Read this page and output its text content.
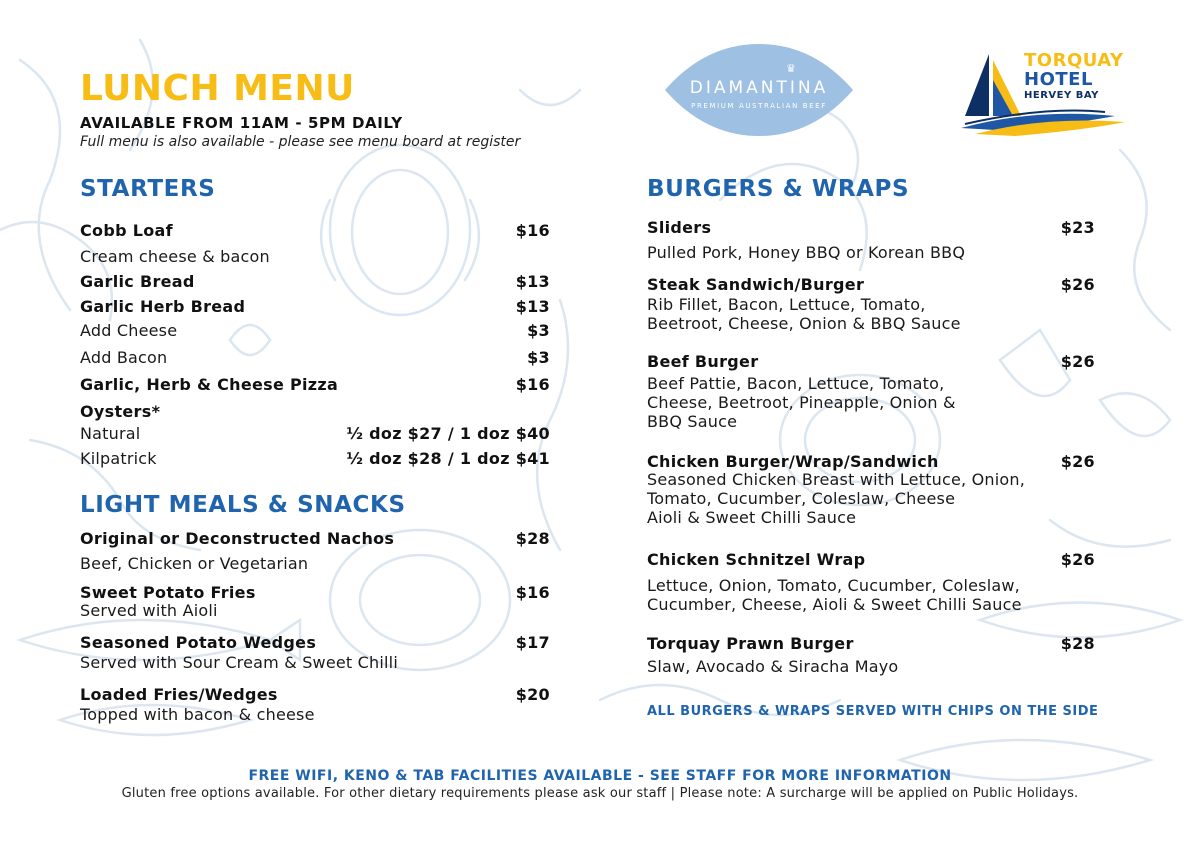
LUNCH MENU
AVAILABLE FROM 11AM - 5PM DAILY
Full menu is also available - please see menu board at register
♛
DIAMANTINA
PREMIUM AUSTRALIAN BEEF
TORQUAY
HOTEL
HERVEY BAY
STARTERS
Cobb Loaf	$16
Cream cheese & bacon
Garlic Bread	$13
Garlic Herb Bread	$13
Add Cheese	$3
Add Bacon	$3
Garlic, Herb & Cheese Pizza	$16
Oysters*
Natural	½ doz $27 / 1 doz $40
Kilpatrick	½ doz $28 / 1 doz $41
LIGHT MEALS & SNACKS
Original or Deconstructed Nachos	$28
Beef, Chicken or Vegetarian
Sweet Potato Fries	$16
Served with Aioli
Seasoned Potato Wedges	$17
Served with Sour Cream & Sweet Chilli
Loaded Fries/Wedges	$20
Topped with bacon & cheese
BURGERS & WRAPS
Sliders	$23
Pulled Pork, Honey BBQ or Korean BBQ
Steak Sandwich/Burger	$26
Rib Fillet, Bacon, Lettuce, Tomato,
Beetroot, Cheese, Onion & BBQ Sauce
Beef Burger	$26
Beef Pattie, Bacon, Lettuce, Tomato,
Cheese, Beetroot, Pineapple, Onion &
BBQ Sauce
Chicken Burger/Wrap/Sandwich	$26
Seasoned Chicken Breast with Lettuce, Onion,
Tomato, Cucumber, Coleslaw, Cheese
Aioli & Sweet Chilli Sauce
Chicken Schnitzel Wrap	$26
Lettuce, Onion, Tomato, Cucumber, Coleslaw,
Cucumber, Cheese, Aioli & Sweet Chilli Sauce
Torquay Prawn Burger	$28
Slaw, Avocado & Siracha Mayo
ALL BURGERS & WRAPS SERVED WITH CHIPS ON THE SIDE
FREE WIFI, KENO & TAB FACILITIES AVAILABLE - SEE STAFF FOR MORE INFORMATION
Gluten free options available. For other dietary requirements please ask our staff | Please note: A surcharge will be applied on Public Holidays.
